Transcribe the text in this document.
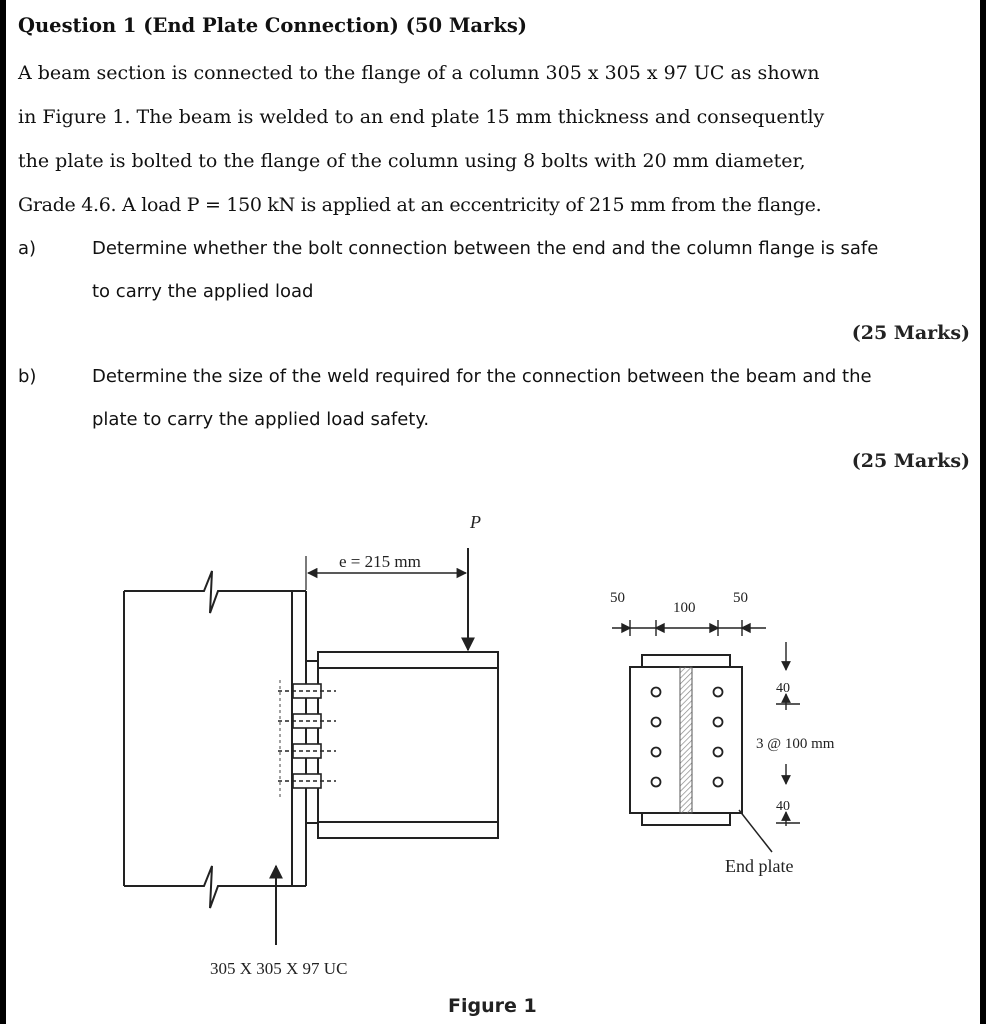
Question 1 (End Plate Connection) (50 Marks)
A beam section is connected to the flange of a column 305 x 305 x 97 UC as shown
in Figure 1. The beam is welded to an end plate 15 mm thickness and consequently
the plate is bolted to the flange of the column using 8 bolts with 20 mm diameter,
Grade 4.6. A load P = 150 kN is applied at an eccentricity of 215 mm from the flange.
a)	Determine whether the bolt connection between the end and the column flange is safe
to carry the applied load
(25 Marks)
b)	Determine the size of the weld required for the connection between the beam and the
plate to carry the applied load safety.
(25 Marks)
P
e = 215 mm
305 X 305 X 97 UC
50
100
50
40
3 @ 100 mm
40
End plate
Figure 1
